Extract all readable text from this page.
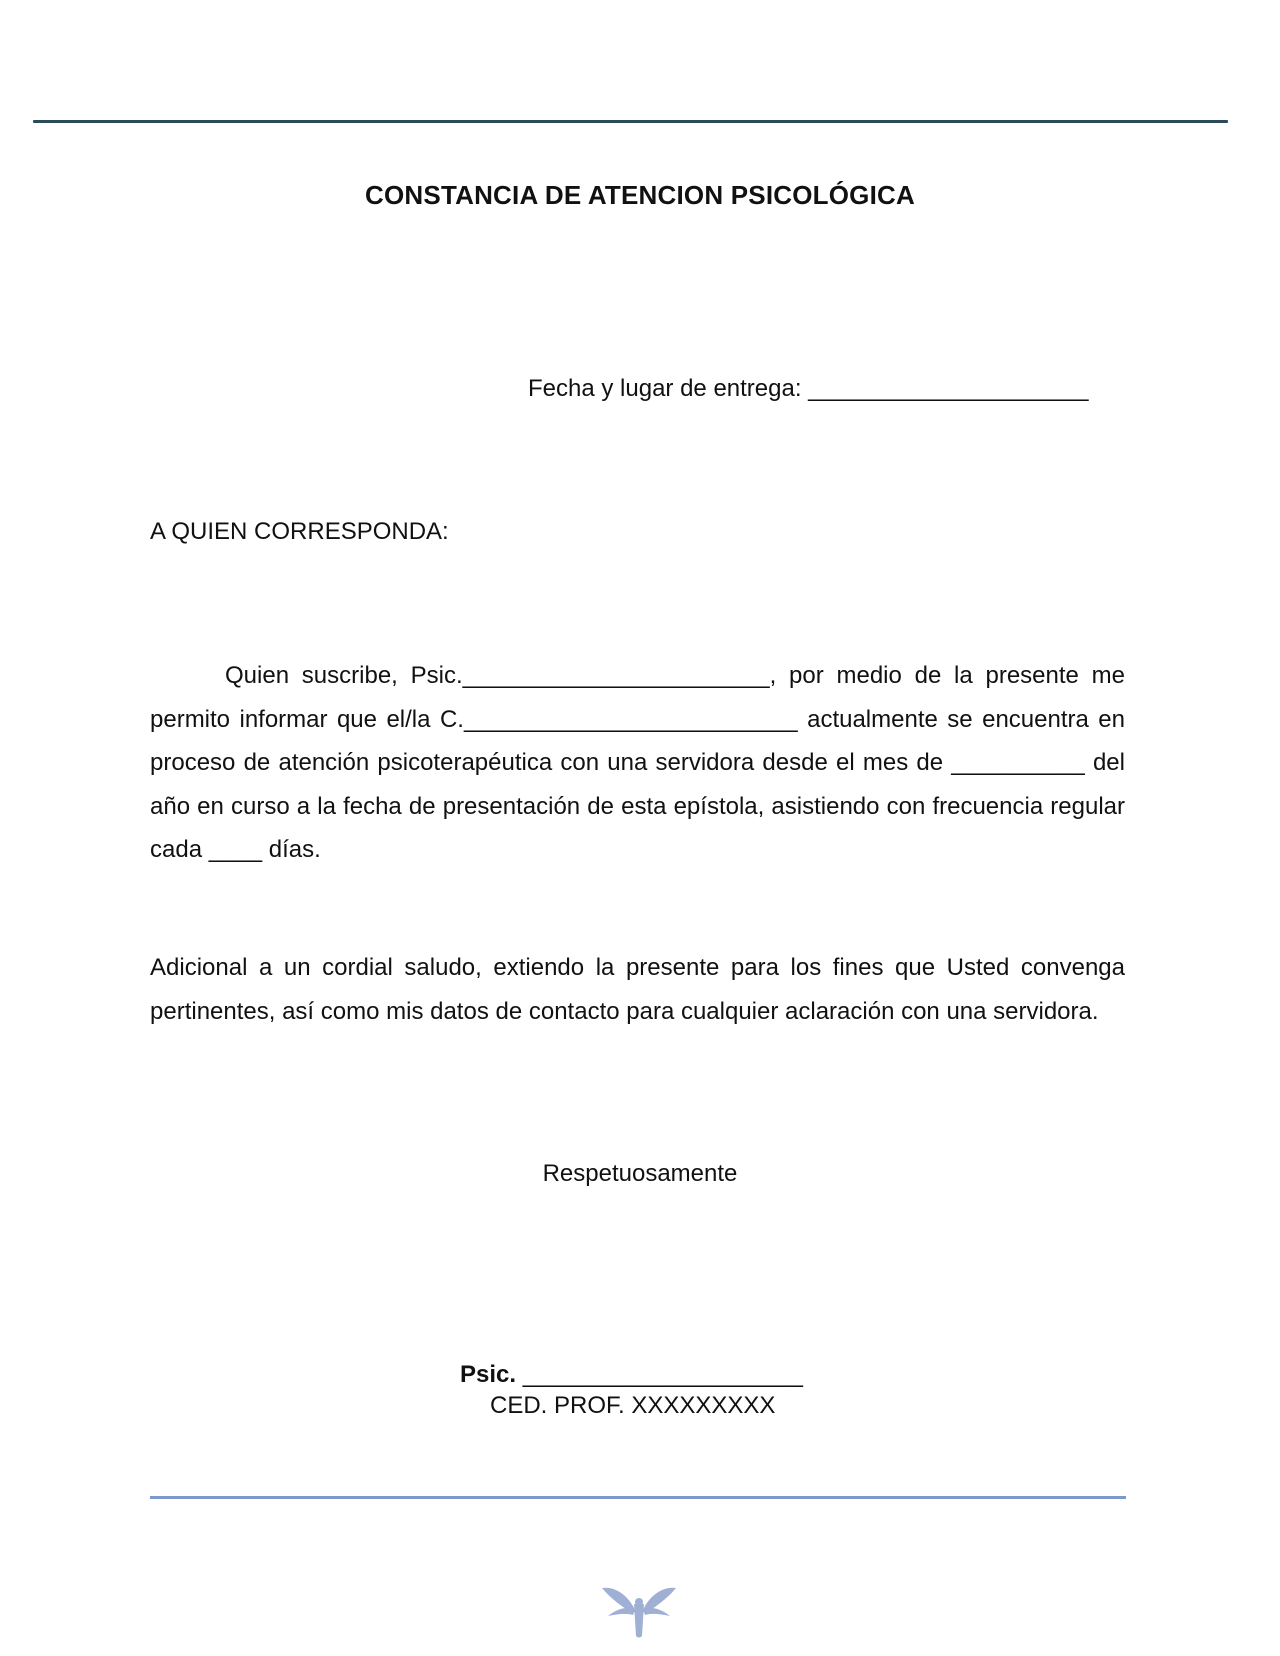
CONSTANCIA DE ATENCION PSICOLÓGICA
Fecha y lugar de entrega: _____________________
A QUIEN CORRESPONDA:
Quien suscribe, Psic._______________________, por medio de la presente me permito informar que el/la C._________________________ actualmente se encuentra en proceso de atención psicoterapéutica con una servidora desde el mes de __________ del año en curso a la fecha de presentación de esta epístola, asistiendo con frecuencia regular cada ____ días.
Adicional a un cordial saludo, extiendo la presente para los fines que Usted convenga pertinentes, así como mis datos de contacto para cualquier aclaración con una servidora.
Respetuosamente
Psic. _____________________
CED. PROF. XXXXXXXXX
